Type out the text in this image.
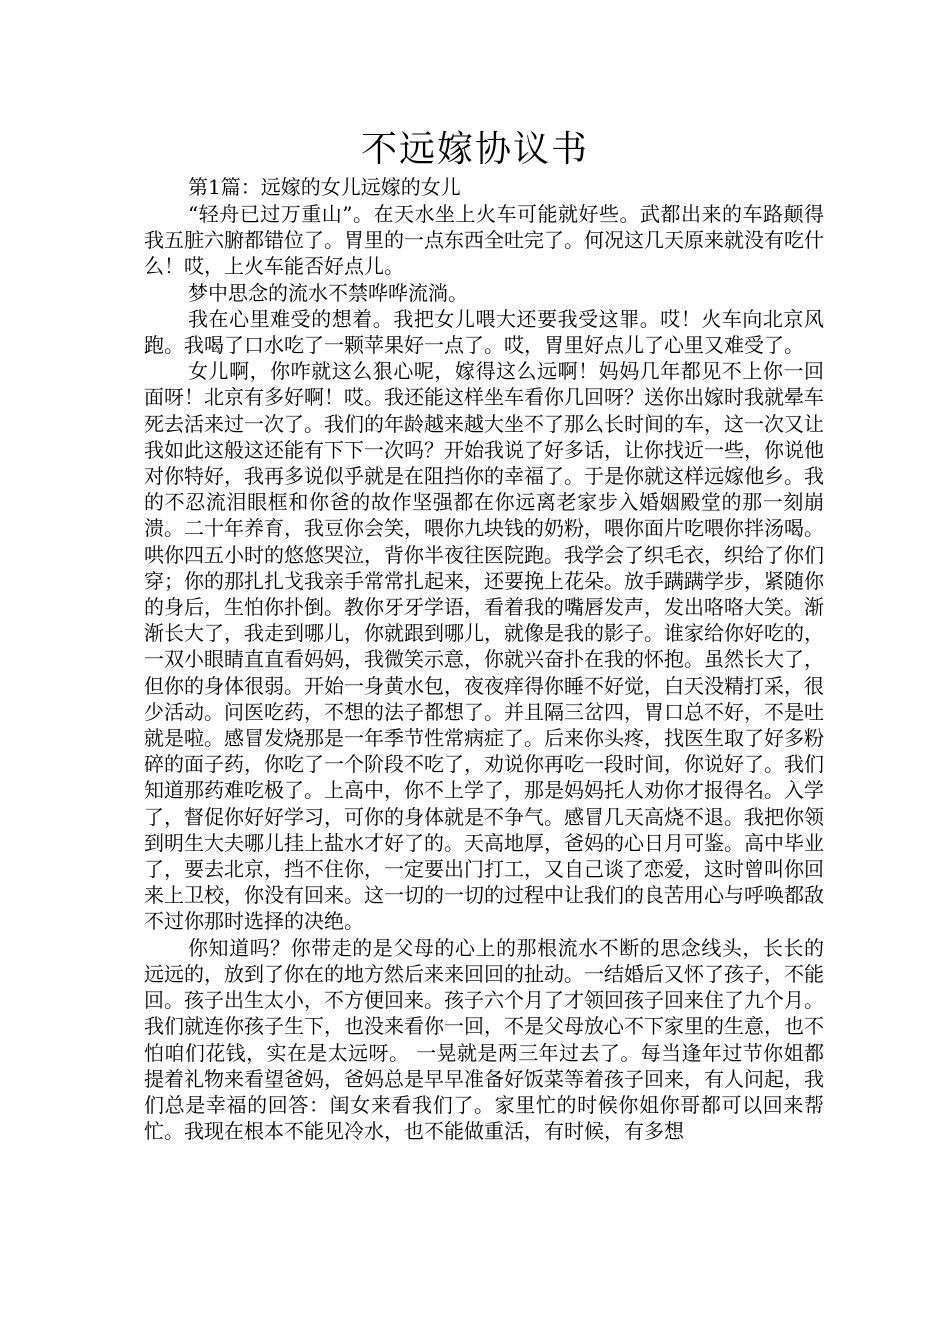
不远嫁协议书
第1篇：远嫁的女儿远嫁的女儿

“轻舟已过万重山”。在天水坐上火车可能就好些。武都出来的车路颠得我五脏六腑都错位了。胃里的一点东西全吐完了。何况这几天原来就没有吃什么！哎，上火车能否好点儿。

梦中思念的流水不禁哗哗流淌。

我在心里难受的想着。我把女儿喂大还要我受这罪。哎！火车向北京风跑。我喝了口水吃了一颗苹果好一点了。哎，胃里好点儿了心里又难受了。

女儿啊，你咋就这么狠心呢，嫁得这么远啊！妈妈几年都见不上你一回面呀！北京有多好啊！哎。我还能这样坐车看你几回呀？送你出嫁时我就晕车死去活来过一次了。我们的年龄越来越大坐不了那么长时间的车，这一次又让我如此这般这还能有下下一次吗？开始我说了好多话，让你找近一些，你说他对你特好，我再多说似乎就是在阻挡你的幸福了。于是你就这样远嫁他乡。我的不忍流泪眼框和你爸的故作坚强都在你远离老家步入婚姻殿堂的那一刻崩溃。二十年养育，我豆你会笑，喂你九块钱的奶粉，喂你面片吃喂你拌汤喝。哄你四五小时的悠悠哭泣，背你半夜往医院跑。我学会了织毛衣，织给了你们穿；你的那扎扎戈我亲手常常扎起来，还要挽上花朵。放手蹒蹒学步，紧随你的身后，生怕你扑倒。教你牙牙学语，看着我的嘴唇发声，发出咯咯大笑。渐渐长大了，我走到哪儿，你就跟到哪儿，就像是我的影子。谁家给你好吃的，一双小眼睛直直看妈妈，我微笑示意，你就兴奋扑在我的怀抱。虽然长大了，但你的身体很弱。开始一身黄水包，夜夜痒得你睡不好觉，白天没精打采，很少活动。问医吃药，不想的法子都想了。并且隔三岔四，胃口总不好，不是吐就是啦。感冒发烧那是一年季节性常病症了。后来你头疼，找医生取了好多粉碎的面子药，你吃了一个阶段不吃了，劝说你再吃一段时间，你说好了。我们知道那药难吃极了。上高中，你不上学了，那是妈妈托人劝你才报得名。入学了，督促你好好学习，可你的身体就是不争气。感冒几天高烧不退。我把你领到明生大夫哪儿挂上盐水才好了的。天高地厚，爸妈的心日月可鉴。高中毕业了，要去北京，挡不住你，一定要出门打工，又自己谈了恋爱，这时曾叫你回来上卫校，你没有回来。这一切的一切的过程中让我们的良苦用心与呼唤都敌不过你那时选择的决绝。

你知道吗？你带走的是父母的心上的那根流水不断的思念线头，长长的远远的，放到了你在的地方然后来来回回的扯动。一结婚后又怀了孩子，不能回。孩子出生太小，不方便回来。孩子六个月了才领回孩子回来住了九个月。我们就连你孩子生下，也没来看你一回，不是父母放心不下家里的生意，也不怕咱们花钱，实在是太远呀。 一晃就是两三年过去了。每当逢年过节你姐都提着礼物来看望爸妈，爸妈总是早早准备好饭菜等着孩子回来，有人问起，我们总是幸福的回答：闺女来看我们了。家里忙的时候你姐你哥都可以回来帮忙。我现在根本不能见冷水，也不能做重活，有时候，有多想
